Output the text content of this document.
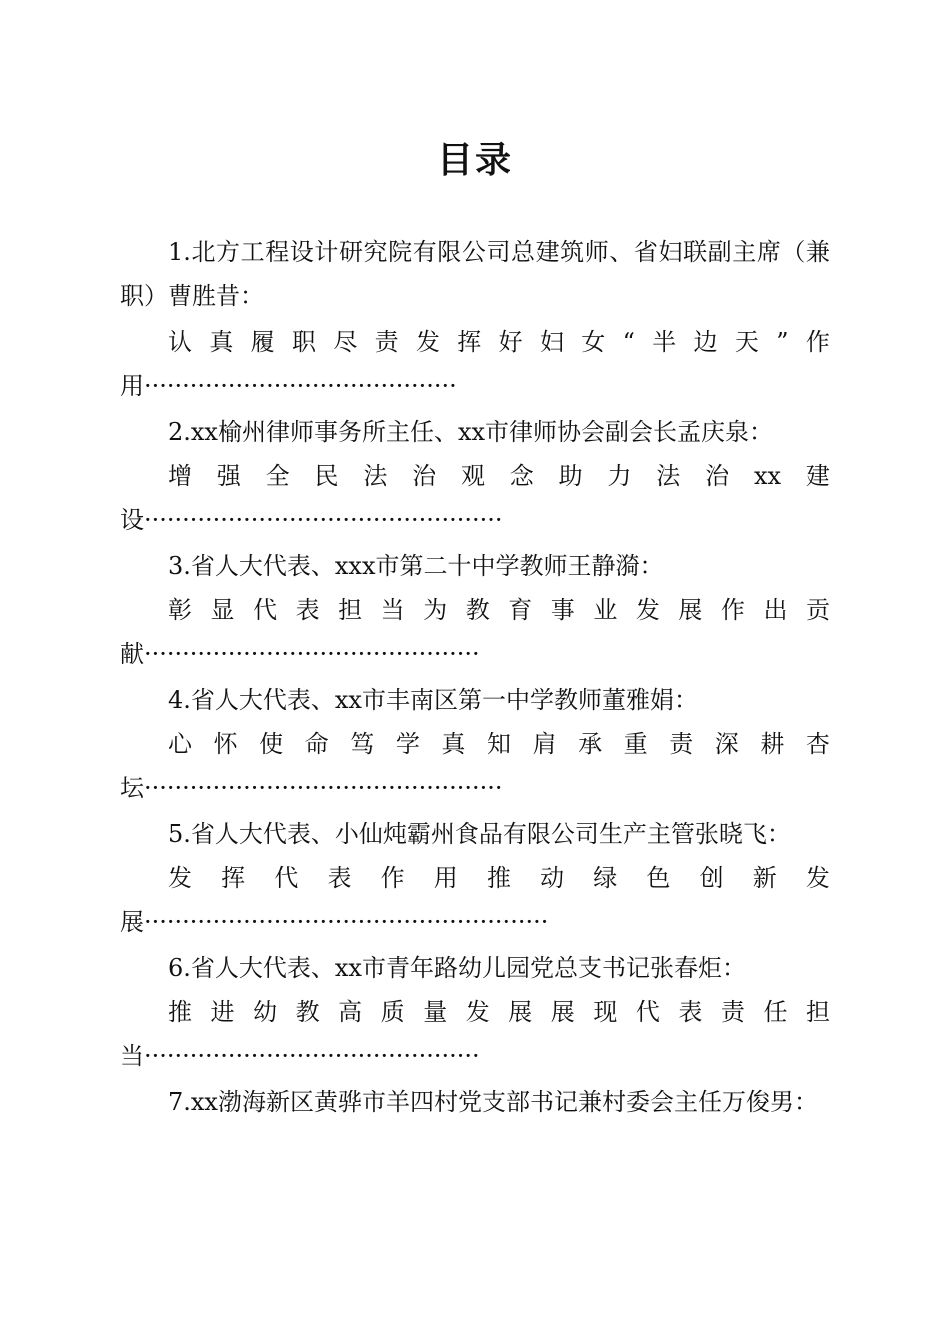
目录
1.北方工程设计研究院有限公司总建筑师、省妇联副主席（兼职）曹胜昔：
认 真 履 职 尽 责 发 挥 好 妇 女 “ 半 边 天 ” 作
用·········································
2.xx榆州律师事务所主任、xx市律师协会副会长孟庆泉：
增 强 全 民 法 治 观 念 助 力 法 治 xx 建
设···············································
3.省人大代表、xxx市第二十中学教师王静漪：
彰 显 代 表 担 当 为 教 育 事 业 发 展 作 出 贡
献············································
4.省人大代表、xx市丰南区第一中学教师董雅娟：
心 怀 使 命 笃 学 真 知 肩 承 重 责 深 耕 杏
坛···············································
5.省人大代表、小仙炖霸州食品有限公司生产主管张晓飞：
发 挥 代 表 作 用 推 动 绿 色 创 新 发
展·····················································
6.省人大代表、xx市青年路幼儿园党总支书记张春炬：
推 进 幼 教 高 质 量 发 展 展 现 代 表 责 任 担
当············································
7.xx渤海新区黄骅市羊四村党支部书记兼村委会主任万俊男：
